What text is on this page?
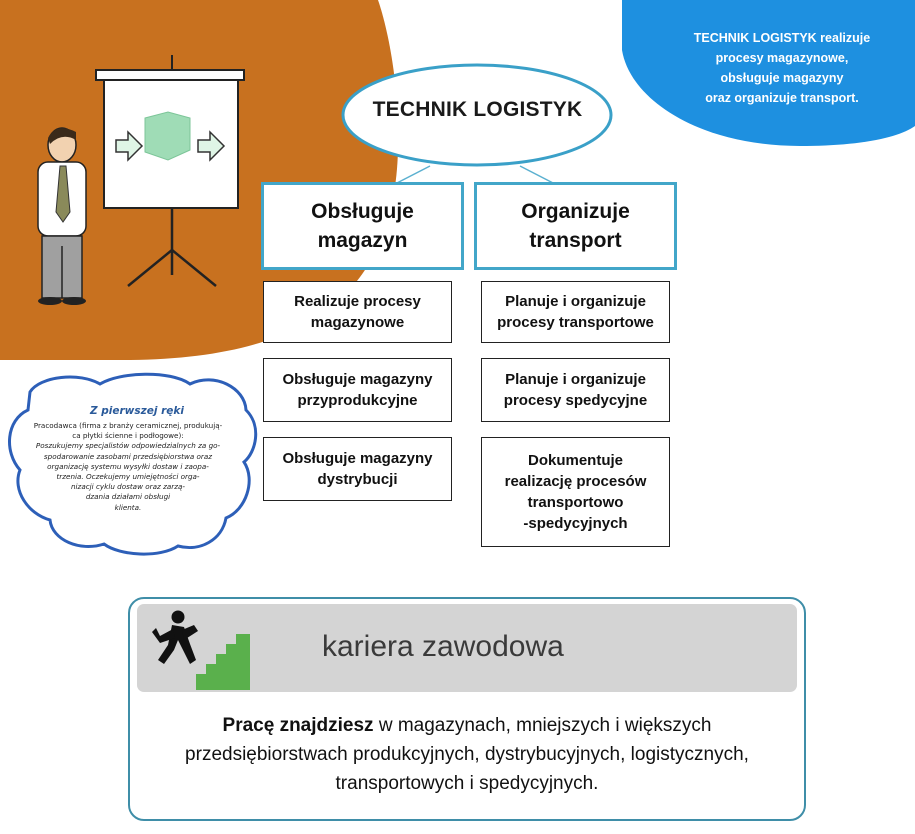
TECHNIK LOGISTYK realizuje
procesy magazynowe,
obsługuje magazyny
oraz organizuje transport.
TECHNIK LOGISTYK
Obsługuje
magazyn
Organizuje
transport
Realizuje procesy
magazynowe
Obsługuje magazyny
przyprodukcyjne
Obsługuje magazyny
dystrybucji
Planuje i organizuje
procesy transportowe
Planuje i organizuje
procesy spedycyjne
Dokumentuje
realizację procesów
transportowo
-spedycyjnych
Z pierwszej ręki
Pracodawca (firma z branży ceramicznej, produkują-
ca płytki ścienne i podłogowe):
Poszukujemy specjalistów odpowiedzialnych za go-
spodarowanie zasobami przedsiębiorstwa oraz
organizację systemu wysyłki dostaw i zaopa-
trzenia. Oczekujemy umiejętności orga-
nizacji cyklu dostaw oraz zarzą-
dzania działami obsługi
klienta.
kariera zawodowa
Pracę znajdziesz w magazynach, mniejszych i większych
przedsiębiorstwach produkcyjnych, dystrybucyjnych, logistycznych,
transportowych i spedycyjnych.
